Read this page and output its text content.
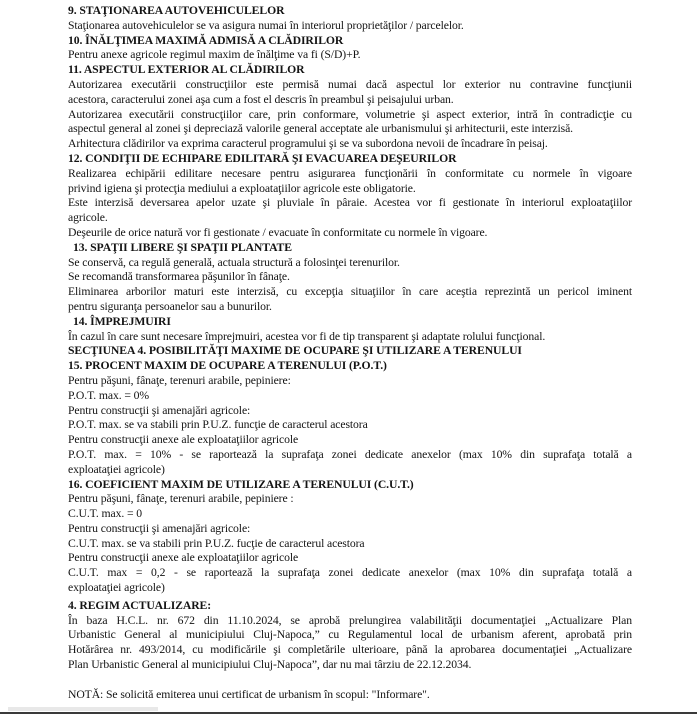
9. STAŢIONAREA AUTOVEHICULELOR

Staţionarea autovehiculelor se va asigura numai în interiorul proprietăţilor / parcelelor.

10. ÎNĂLŢIMEA MAXIMĂ ADMISĂ A CLĂDIRILOR

Pentru anexe agricole regimul maxim de înălţime va fi (S/D)+P.

11. ASPECTUL EXTERIOR AL CLĂDIRILOR

Autorizarea executării construcţiilor este permisă numai dacă aspectul lor exterior nu contravine funcţiunii

acestora, caracterului zonei aşa cum a fost el descris în preambul şi peisajului urban.

Autorizarea executării construcţiilor care, prin conformare, volumetrie şi aspect exterior, intră în contradicţie cu

aspectul general al zonei şi depreciază valorile general acceptate ale urbanismului şi arhitecturii, este interzisă.

Arhitectura clădirilor va exprima caracterul programului şi se va subordona nevoii de încadrare în peisaj.

12. CONDIŢII DE ECHIPARE EDILITARĂ ŞI EVACUAREA DEŞEURILOR

Realizarea echipării edilitare necesare pentru asigurarea funcţionării în conformitate cu normele în vigoare

privind igiena şi protecţia mediului a exploataţiilor agricole este obligatorie.

Este interzisă deversarea apelor uzate şi pluviale în pâraie. Acestea vor fi gestionate în interiorul exploataţiilor

agricole.

Deşeurile de orice natură vor fi gestionate / evacuate în conformitate cu normele în vigoare.

13. SPAŢII LIBERE ŞI SPAŢII PLANTATE

Se conservă, ca regulă generală, actuala structură a folosinţei terenurilor.

Se recomandă transformarea păşunilor în fânaţe.

Eliminarea arborilor maturi este interzisă, cu excepţia situaţiilor în care aceştia reprezintă un pericol iminent

pentru siguranţa persoanelor sau a bunurilor.

14. ÎMPREJMUIRI

În cazul în care sunt necesare împrejmuiri, acestea vor fi de tip transparent şi adaptate rolului funcţional.

SECŢIUNEA 4. POSIBILITĂŢI MAXIME DE OCUPARE ŞI UTILIZARE A TERENULUI

15. PROCENT MAXIM DE OCUPARE A TERENULUI (P.O.T.)

Pentru păşuni, fânaţe, terenuri arabile, pepiniere:

P.O.T. max. = 0%

Pentru construcţii şi amenajări agricole:

P.O.T. max. se va stabili prin P.U.Z. funcţie de caracterul acestora

Pentru construcţii anexe ale exploataţiilor agricole

P.O.T. max. = 10% - se raportează la suprafaţa zonei dedicate anexelor (max 10% din suprafaţa totală a

exploataţiei agricole)

16. COEFICIENT MAXIM DE UTILIZARE A TERENULUI (C.U.T.)

Pentru păşuni, fânaţe, terenuri arabile, pepiniere :

C.U.T. max. = 0

Pentru construcţii şi amenajări agricole:

C.U.T. max. se va stabili prin P.U.Z. fucţie de caracterul acestora

Pentru construcţii anexe ale exploataţiilor agricole

C.U.T. max = 0,2 - se raportează la suprafaţa zonei dedicate anexelor (max 10% din suprafaţa totală a

exploataţiei agricole)

4. REGIM ACTUALIZARE:

În baza H.C.L. nr. 672 din 11.10.2024, se aprobă prelungirea valabilităţii documentaţiei „Actualizare Plan

Urbanistic General al municipiului Cluj-Napoca,” cu Regulamentul local de urbanism aferent, aprobată prin

Hotărârea nr. 493/2014, cu modificările şi completările ulterioare, până la aprobarea documentaţiei „Actualizare

Plan Urbanistic General al municipiului Cluj-Napoca”, dar nu mai târziu de 22.12.2034.

NOTĂ: Se solicită emiterea unui certificat de urbanism în scopul: "Informare".
